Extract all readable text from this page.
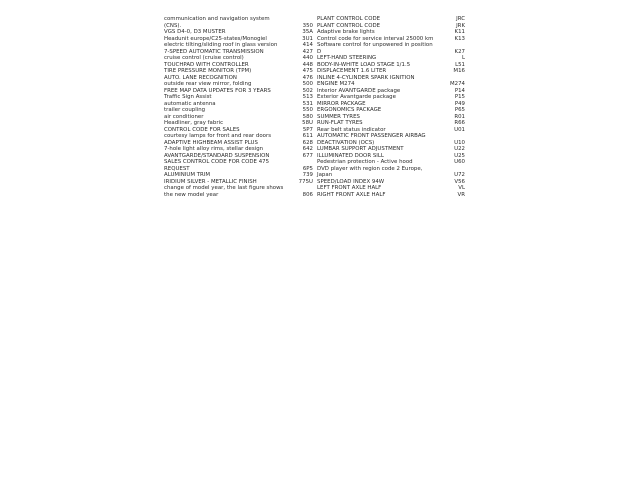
communication and navigation system
(CNS).	350
VGS D4-0, D3 MUSTER	35A
Headunit europe/C25-states/Monogiel	3U1
electric tilting/sliding roof in glass version	414
7-SPEED AUTOMATIC TRANSMISSION	427
cruise control (cruise control)	440
TOUCHPAD WITH CONTROLLER	448
TIRE PRESSURE MONITOR (TPM)	475
AUTO. LANE RECOGNITION	476
outside rear view mirror, folding	500
FREE MAP DATA UPDATES FOR 3 YEARS	502
Traffic Sign Assist	513
automatic antenna	531
trailer coupling	550
air conditioner	580
Headliner, gray fabric	58U
CONTROL CODE FOR SALES	5P7
courtesy lamps for front and rear doors	611
ADAPTIVE HIGHBEAM ASSIST PLUS	628
7-hole light alloy rims, stellar design	642
AVANTGARDE/STANDARD SUSPENSION	677
SALES CONTROL CODE FOR CODE 475
REQUEST	6P5
ALUMINIUM TRIM	739
IRIDIUM SILVER - METALLIC FINISH	775U
change of model year, the last figure shows
the new model year	806
PLANT CONTROL CODE	JRC
PLANT CONTROL CODE	JRK
Adaptive brake lights	K11
Control code for service interval 25000 km	K13
Software control for unpowered in position
D	K27
LEFT-HAND STEERING	L
BODY-IN-WHITE LOAD STAGE 1/1.5	L51
DISPLACEMENT 1.6 LITER	M16
INLINE 4-CYLINDER SPARK IGNITION
ENGINE M274	M274
Interior AVANTGARDE package	P14
Exterior Avantgarde package	P15
MIRROR PACKAGE	P49
ERGONOMICS PACKAGE	P65
SUMMER TYRES	R01
RUN-FLAT TYRES	R66
Rear belt status indicator	U01
AUTOMATIC FRONT PASSENGER AIRBAG
DEACTIVATION (OCS)	U10
LUMBAR SUPPORT ADJUSTMENT	U22
ILLUMINATED DOOR SILL	U25
Pedestrian protection - Active hood	U60
DVD player with region code 2 Europe,
Japan	U72
SPEED/LOAD INDEX 94W	V56
LEFT FRONT AXLE HALF	VL
RIGHT FRONT AXLE HALF	VR
